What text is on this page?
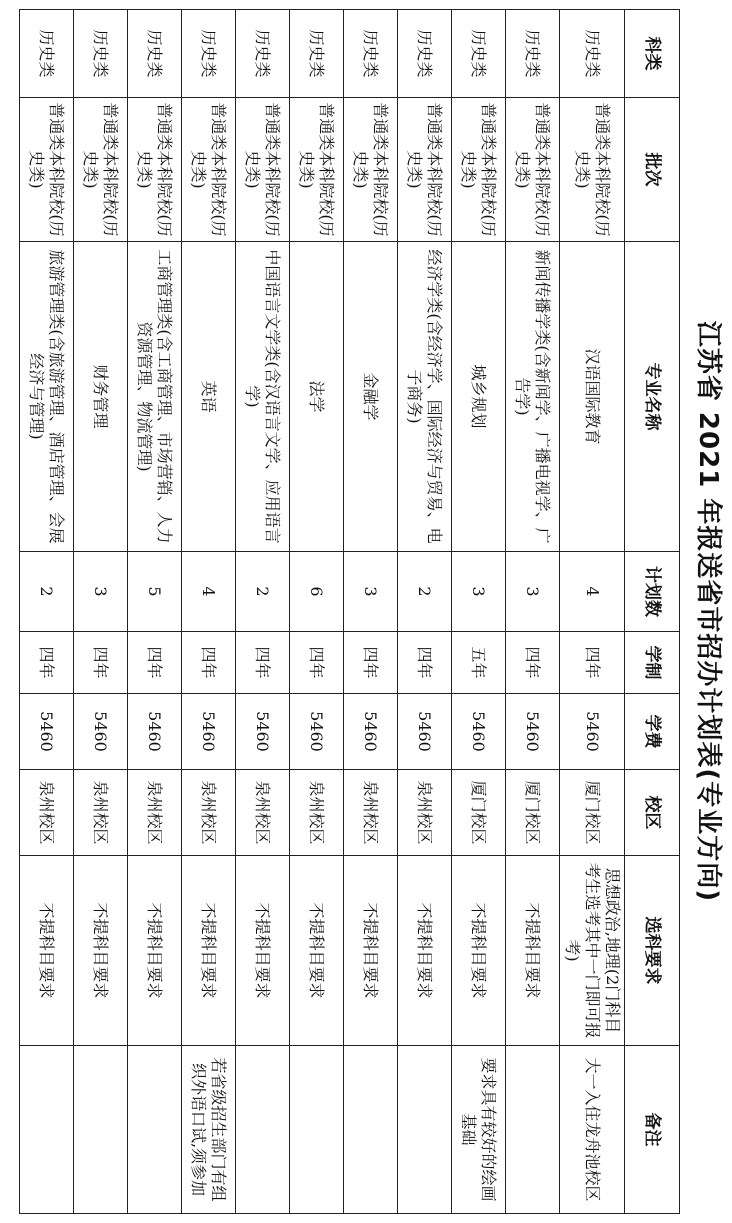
江苏省 2021 年报送省市招办计划表(专业方向)
科类	批次	专业名称	计划数	学制	学费	校区	选科要求	备注
历史类	普通类本科院校(历史类)	汉语国际教育	4	四年	5460	厦门校区	思想政治,地理(2门科目考生选考其中一门即可报考)	大一入住龙舟池校区
历史类	普通类本科院校(历史类)	新闻传播学类(含新闻学、广播电视学、广告学)	3	四年	5460	厦门校区	不提科目要求	
历史类	普通类本科院校(历史类)	城乡规划	3	五年	5460	厦门校区	不提科目要求	要求具有较好的绘画基础
历史类	普通类本科院校(历史类)	经济学类(含经济学、国际经济与贸易、电子商务)	2	四年	5460	泉州校区	不提科目要求	
历史类	普通类本科院校(历史类)	金融学	3	四年	5460	泉州校区	不提科目要求	
历史类	普通类本科院校(历史类)	法学	6	四年	5460	泉州校区	不提科目要求	
历史类	普通类本科院校(历史类)	中国语言文学类(含汉语言文学、应用语言学)	2	四年	5460	泉州校区	不提科目要求	
历史类	普通类本科院校(历史类)	英语	4	四年	5460	泉州校区	不提科目要求	若省级招生部门有组织外语口试,须参加
历史类	普通类本科院校(历史类)	工商管理类(含工商管理、市场营销、人力资源管理、物流管理)	5	四年	5460	泉州校区	不提科目要求	
历史类	普通类本科院校(历史类)	财务管理	3	四年	5460	泉州校区	不提科目要求	
历史类	普通类本科院校(历史类)	旅游管理类(含旅游管理、酒店管理、会展经济与管理)	2	四年	5460	泉州校区	不提科目要求	
